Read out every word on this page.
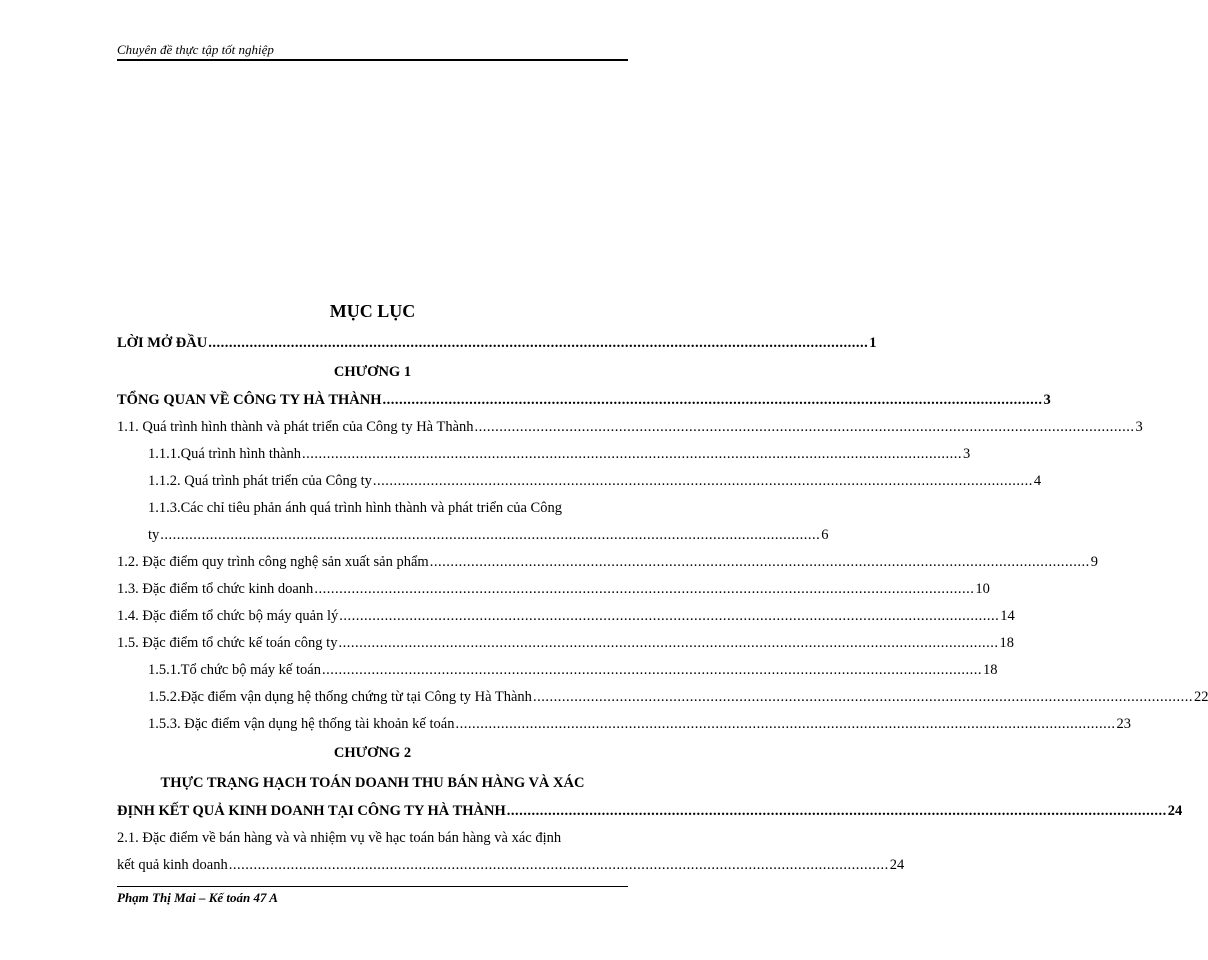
Chuyên đề thực tập tốt nghiệp
MỤC LỤC
LỜI MỞ ĐẦU ................................................................................................................................................................ 1
CHƯƠNG 1
TỔNG QUAN VỀ CÔNG TY HÀ THÀNH ................................................................................................................................................................ 3
1.1. Quá trình hình thành và phát triển của Công ty Hà Thành ................................................................................................................................................................ 3
1.1.1.Quá trình hình thành ................................................................................................................................................................ 3
1.1.2. Quá trình phát triển của Công ty ................................................................................................................................................................ 4
1.1.3.Các chỉ tiêu phản ánh quá trình hình thành và phát triển của Công
ty ................................................................................................................................................................ 6
1.2. Đặc điểm quy trình công nghệ sản xuất sản phẩm ................................................................................................................................................................ 9
1.3. Đặc điểm tổ chức kinh doanh ................................................................................................................................................................ 10
1.4. Đặc điểm tổ chức bộ máy quản lý ................................................................................................................................................................ 14
1.5. Đặc điểm tổ chức kế toán công ty ................................................................................................................................................................ 18
1.5.1.Tổ chức bộ máy kế toán ................................................................................................................................................................ 18
1.5.2.Đặc điểm vận dụng hệ thống chứng từ tại Công ty Hà Thành ................................................................................................................................................................ 22
1.5.3. Đặc điểm vận dụng hệ thống tài khoản kế toán ................................................................................................................................................................ 23
CHƯƠNG 2
THỰC TRẠNG HẠCH TOÁN DOANH THU BÁN HÀNG VÀ XÁC
ĐỊNH KẾT QUẢ KINH DOANH TẠI CÔNG TY HÀ THÀNH ................................................................................................................................................................ 24
2.1. Đặc điểm về bán hàng và và nhiệm vụ về hạc toán bán hàng và xác định
kết quả kinh doanh ................................................................................................................................................................ 24
Phạm Thị Mai – Kế toán 47 A
